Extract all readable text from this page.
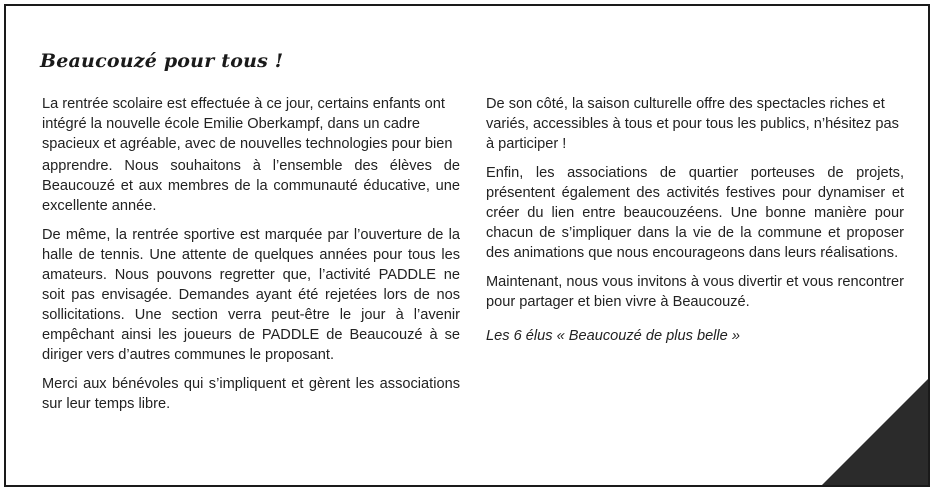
Beaucouzé pour tous !

La rentrée scolaire est effectuée à ce jour, certains enfants ont intégré la nouvelle école Emilie Oberkampf, dans un cadre spacieux et agréable, avec de nouvelles technologies pour bien

apprendre. Nous souhaitons à l’ensemble des élèves de Beaucouzé et aux membres de la communauté éducative, une excellente année.

De même, la rentrée sportive est marquée par l’ouverture de la halle de tennis. Une attente de quelques années pour tous les amateurs. Nous pouvons regretter que, l’activité PADDLE ne soit pas envisagée. Demandes ayant été rejetées lors de nos sollicitations. Une section verra peut-être le jour à l’avenir empêchant ainsi les joueurs de PADDLE de Beaucouzé à se diriger vers d’autres communes le proposant.

Merci aux bénévoles qui s’impliquent et gèrent les associations sur leur temps libre.

De son côté, la saison culturelle offre des spectacles riches et variés, accessibles à tous et pour tous les publics, n’hésitez pas à participer !

Enfin, les associations de quartier porteuses de projets, présentent également des activités festives pour dynamiser et créer du lien entre beaucouzéens. Une bonne manière pour chacun de s’impliquer dans la vie de la commune et proposer des animations que nous encourageons dans leurs réalisations.

Maintenant, nous vous invitons à vous divertir et vous rencontrer pour partager et bien vivre à Beaucouzé.

Les 6 élus « Beaucouzé de plus belle »
